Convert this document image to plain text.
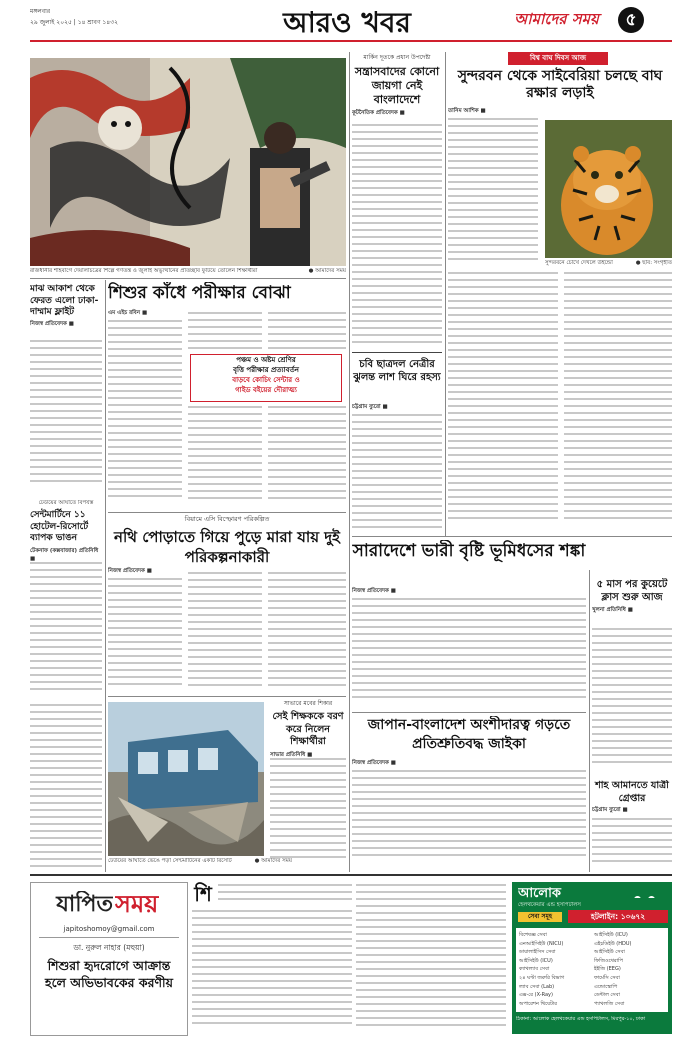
মঙ্গলবার
২৯ জুলাই ২০২৫ | ১৪ শ্রাবণ ১৪৩২	আরও খবর	আমাদের সময়	৫
রাজধানীর শাহবাগে দেয়ালচিত্রের শিল্পে গণতন্ত্র ও জুলাই অভ্যুত্থানের প্রতিচ্ছবি ফুটিয়ে তোলেন শিক্ষার্থীরা	● আমাদের সময়
মার্কিন দূতকে প্রধান উপদেষ্টা
সন্ত্রাসবাদের কোনো জায়গা নেই বাংলাদেশে
কূটনৈতিক প্রতিবেদক ■
চবি ছাত্রদল নেত্রীর ঝুলন্ত লাশ ঘিরে রহস্য
চট্টগ্রাম ব্যুরো ■
বিশ্ব বাঘ দিবস আজ
সুন্দরবন থেকে সাইবেরিয়া চলছে বাঘ রক্ষার লড়াই
তানিম আশিক ■
সুন্দরবনে চোখে দেখলে উইন্ডো	● ছবি: সংগৃহীত
মাঝ আকাশ থেকে ফেরত এলো ঢাকা-দাম্মাম ফ্লাইট
নিজস্ব প্রতিবেদক ■
শিশুর কাঁধে পরীক্ষার বোঝা
এম এইচ রবিন ■
পঞ্চম ও অষ্টম শ্রেণির
বৃত্তি পরীক্ষার প্রত্যাবর্তন
বাড়বে কোচিং সেন্টার ও
গাইড বইয়ের দৌরাত্ম্য
ঢেউয়ের আঘাতে বিপর্যস্ত
সেন্টমার্টিনে ১১ হোটেল-রিসোর্টে ব্যাপক ভাঙন
টেকনাফ (কক্সবাজার) প্রতিনিধি ■
বিয়ামে এসি বিস্ফোরণ পরিকল্পিত
নথি পোড়াতে গিয়ে পুড়ে মারা যায় দুই পরিকল্পনাকারী
নিজস্ব প্রতিবেদক ■
সারাদেশে ভারী বৃষ্টি ভূমিধসের শঙ্কা
নিজস্ব প্রতিবেদক ■
৫ মাস পর কুয়েটে ক্লাস শুরু আজ
খুলনা প্রতিনিধি ■
ঢেউয়ের আঘাতে ভেঙে পড়া সেন্টমার্টিনের একটি রিসোর্ট	● আমাদের সময়
সাভারে মবের শিকার
সেই শিক্ষককে বরণ করে নিলেন শিক্ষার্থীরা
সাভার প্রতিনিধি ■
জাপান-বাংলাদেশ অংশীদারত্ব গড়তে প্রতিশ্রুতিবদ্ধ জাইকা
নিজস্ব প্রতিবেদক ■
শাহ আমানতে যাত্রী গ্রেপ্তার
চট্টগ্রাম ব্যুরো ■
যাপিত সময়
japitoshomoy@gmail.com
ডা. নুরুল নাহার (মহুয়া)
শিশুরা হৃদরোগে আক্রান্ত হলে অভিভাবকের করণীয়
শি	আলোক
হেলথকেয়ার এন্ড হসপিটালস

সেবা সমূহ	হটলাইন: ১০৬৭২
বিশেষজ্ঞ সেবা
এনআইসিইউ (NICU)
ডায়ালাইসিস সেবা
আইসিইউ (ICU)
ক্যাথল্যাব সেবা
২৪ ঘণ্টা জরুরি বিভাগ
ল্যাব সেবা (Lab)
এক্স-রে (X-Ray)
অপারেশন থিয়েটার
আইসিইউ (ICU)
এইচডিইউ (HDU)
আইসিইউ সেবা
ফিজিওথেরাপি
ইইজি (EEG)
ফার্মেসি সেবা
এন্ডোস্কোপি
ডেন্টাল সেবা
প্যাথলজি সেবা
ঠিকানা: আলোক হেলথকেয়ার এন্ড হসপিটালস, মিরপুর-১০, ঢাকা
